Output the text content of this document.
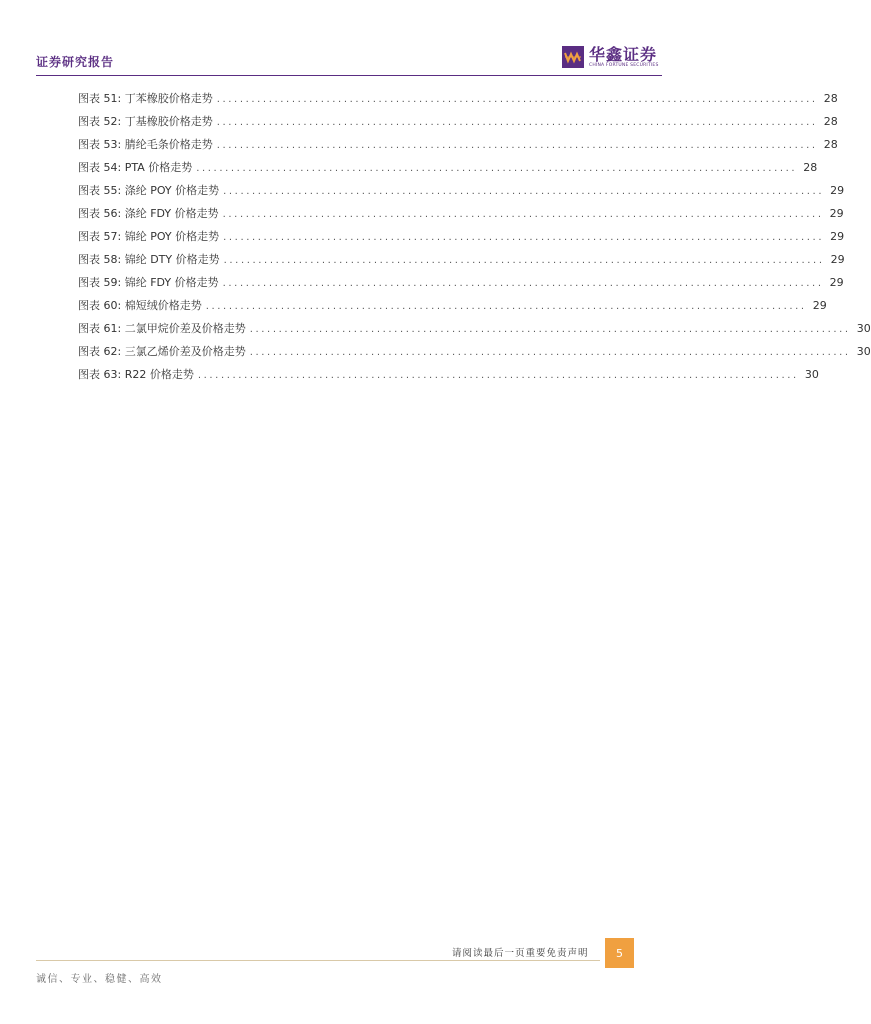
证券研究报告	华鑫证券
CHINA FORTUNE SECURITIES
图表 51: 丁苯橡胶价格走势 ........................................................................................................ 28
图表 52: 丁基橡胶价格走势 ........................................................................................................ 28
图表 53: 腈纶毛条价格走势 ........................................................................................................ 28
图表 54: PTA 价格走势 ........................................................................................................ 28
图表 55: 涤纶 POY 价格走势 ........................................................................................................ 29
图表 56: 涤纶 FDY 价格走势 ........................................................................................................ 29
图表 57: 锦纶 POY 价格走势 ........................................................................................................ 29
图表 58: 锦纶 DTY 价格走势 ........................................................................................................ 29
图表 59: 锦纶 FDY 价格走势 ........................................................................................................ 29
图表 60: 棉短绒价格走势 ........................................................................................................ 29
图表 61: 二氯甲烷价差及价格走势 ........................................................................................................ 30
图表 62: 三氯乙烯价差及价格走势 ........................................................................................................ 30
图表 63: R22 价格走势 ........................................................................................................ 30
请阅读最后一页重要免责声明	5
诚信、专业、稳健、高效
